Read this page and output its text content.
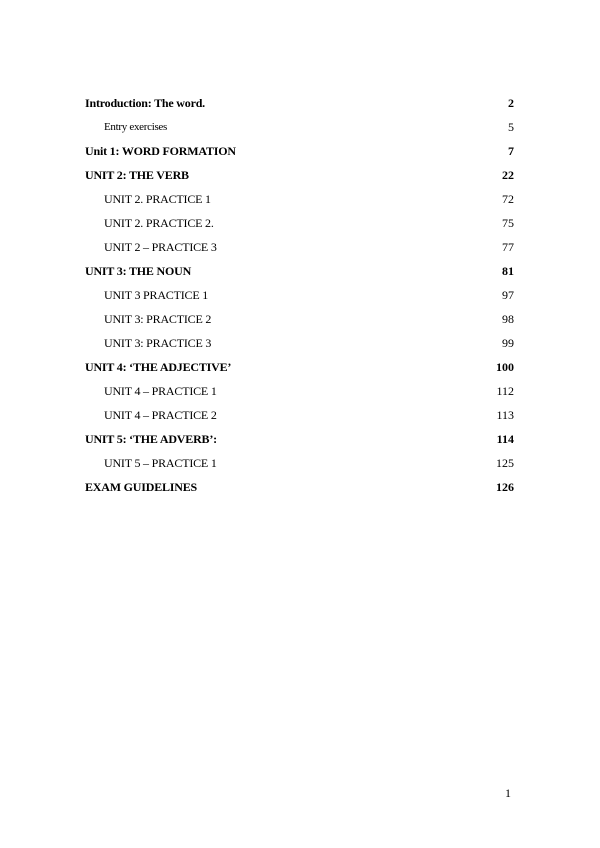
Introduction: The word.	2
Entry exercises	5
Unit 1: WORD FORMATION	7
UNIT 2: THE VERB	22
UNIT 2. PRACTICE 1	72
UNIT 2. PRACTICE 2.	75
UNIT 2 – PRACTICE 3	77
UNIT 3: THE NOUN	81
UNIT 3 PRACTICE 1	97
UNIT 3: PRACTICE 2	98
UNIT 3: PRACTICE 3	99
UNIT 4: ‘THE ADJECTIVE’	100
UNIT 4 – PRACTICE 1	112
UNIT 4 – PRACTICE 2	113
UNIT 5: ‘THE ADVERB’:	114
UNIT 5 – PRACTICE 1	125
EXAM GUIDELINES	126
1
